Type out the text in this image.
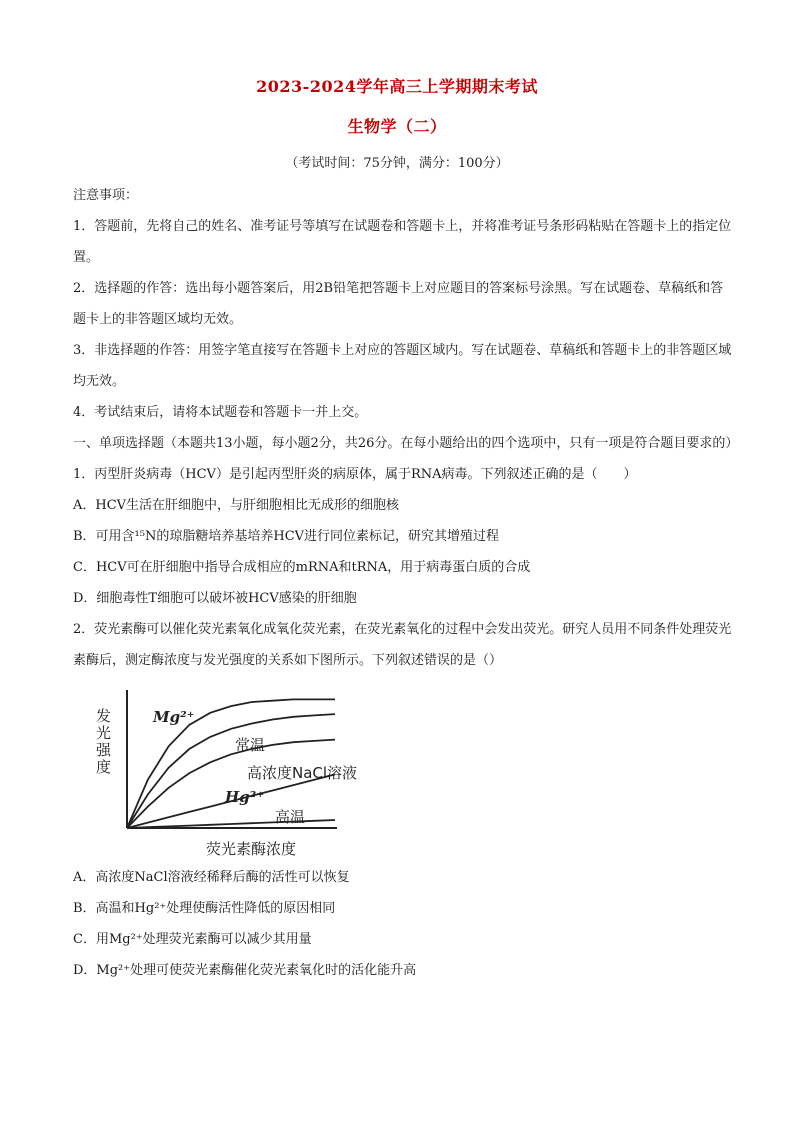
2023-2024学年高三上学期期末考试
生物学（二）
（考试时间：75分钟，满分：100分）

注意事项：

1．答题前，先将自己的姓名、准考证号等填写在试题卷和答题卡上，并将准考证号条形码粘贴在答题卡上的指定位置。

2．选择题的作答：选出每小题答案后，用2B铅笔把答题卡上对应题目的答案标号涂黑。写在试题卷、草稿纸和答题卡上的非答题区域均无效。

3．非选择题的作答：用签字笔直接写在答题卡上对应的答题区域内。写在试题卷、草稿纸和答题卡上的非答题区域均无效。

4．考试结束后，请将本试题卷和答题卡一并上交。

一、单项选择题（本题共13小题，每小题2分，共26分。在每小题给出的四个选项中，只有一项是符合题目要求的）

1．丙型肝炎病毒（HCV）是引起丙型肝炎的病原体，属于RNA病毒。下列叙述正确的是（　　）

A．HCV生活在肝细胞中，与肝细胞相比无成形的细胞核

B．可用含¹⁵N的琼脂糖培养基培养HCV进行同位素标记，研究其增殖过程

C．HCV可在肝细胞中指导合成相应的mRNA和tRNA，用于病毒蛋白质的合成

D．细胞毒性T细胞可以破坏被HCV感染的肝细胞

2．荧光素酶可以催化荧光素氧化成氧化荧光素，在荧光素氧化的过程中会发出荧光。研究人员用不同条件处理荧光素酶后，测定酶浓度与发光强度的关系如下图所示。下列叙述错误的是（）

发光强度
荧光素酶浓度
Mg²⁺
常温
高浓度NaCl溶液
Hg²⁺
高温

A．高浓度NaCl溶液经稀释后酶的活性可以恢复

B．高温和Hg²⁺处理使酶活性降低的原因相同

C．用Mg²⁺处理荧光素酶可以减少其用量

D．Mg²⁺处理可使荧光素酶催化荧光素氧化时的活化能升高
